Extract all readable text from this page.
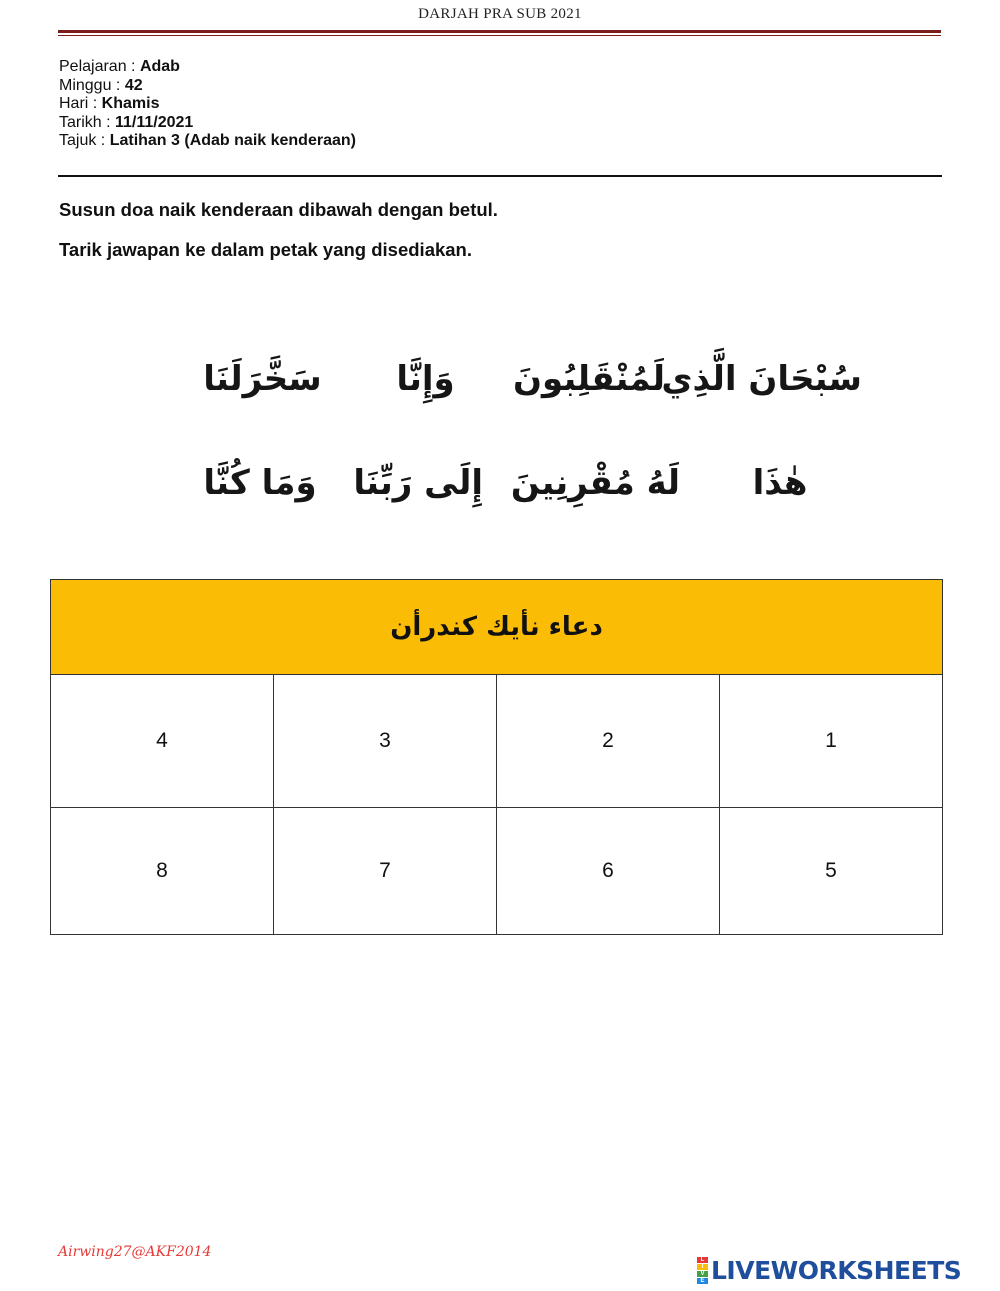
DARJAH PRA SUB 2021
Pelajaran : Adab
Minggu : 42
Hari : Khamis
Tarikh : 11/11/2021
Tajuk : Latihan 3 (Adab naik kenderaan)
Susun doa naik kenderaan dibawah dengan betul.
Tarik jawapan ke dalam petak yang disediakan.
سُبْحَانَ الَّذِي
لَمُنْقَلِبُونَ
وَإِنَّا
سَخَّرَلَنَا
هٰذَا
لَهُ مُقْرِنِينَ
إِلَى رَبِّنَا
وَمَا كُنَّا
دعاء نأيك كندرأن			
4	3	2	1
8	7	6	5
Airwing27@AKF2014	L
I
V
E LIVEWORKSHEETS
